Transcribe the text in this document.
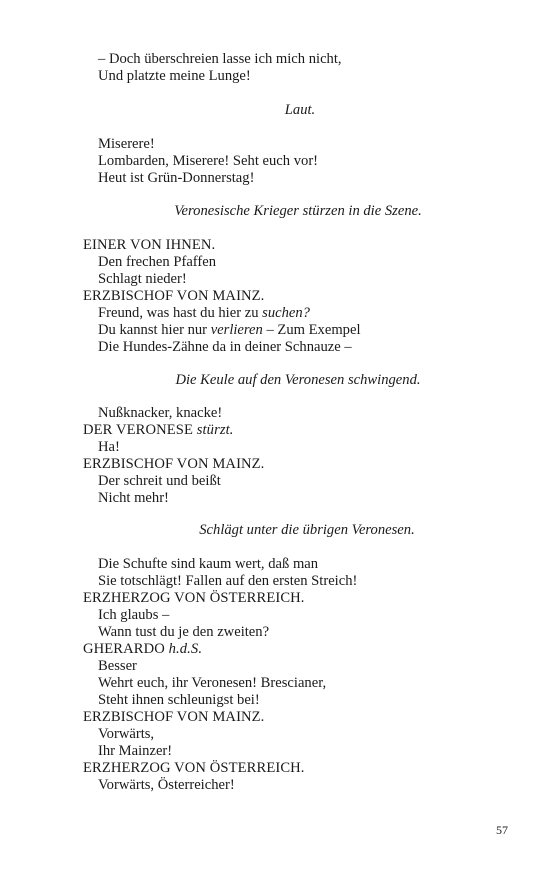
– Doch überschreien lasse ich mich nicht,
Und platzte meine Lunge!
Laut.
Miserere!
Lombarden, Miserere! Seht euch vor!
Heut ist Grün-Donnerstag!
Veronesische Krieger stürzen in die Szene.
EINER VON IHNEN.
Den frechen Pfaffen
Schlagt nieder!
ERZBISCHOF VON MAINZ.
Freund, was hast du hier zu suchen?
Du kannst hier nur verlieren – Zum Exempel
Die Hundes-Zähne da in deiner Schnauze –
Die Keule auf den Veronesen schwingend.
Nußknacker, knacke!
DER VERONESE stürzt.
Ha!
ERZBISCHOF VON MAINZ.
Der schreit und beißt
Nicht mehr!
Schlägt unter die übrigen Veronesen.
Die Schufte sind kaum wert, daß man
Sie totschlägt! Fallen auf den ersten Streich!
ERZHERZOG VON ÖSTERREICH.
Ich glaubs –
Wann tust du je den zweiten?
GHERARDO h.d.S.
Besser
Wehrt euch, ihr Veronesen! Brescianer,
Steht ihnen schleunigst bei!
ERZBISCHOF VON MAINZ.
Vorwärts,
Ihr Mainzer!
ERZHERZOG VON ÖSTERREICH.
Vorwärts, Österreicher!
57
